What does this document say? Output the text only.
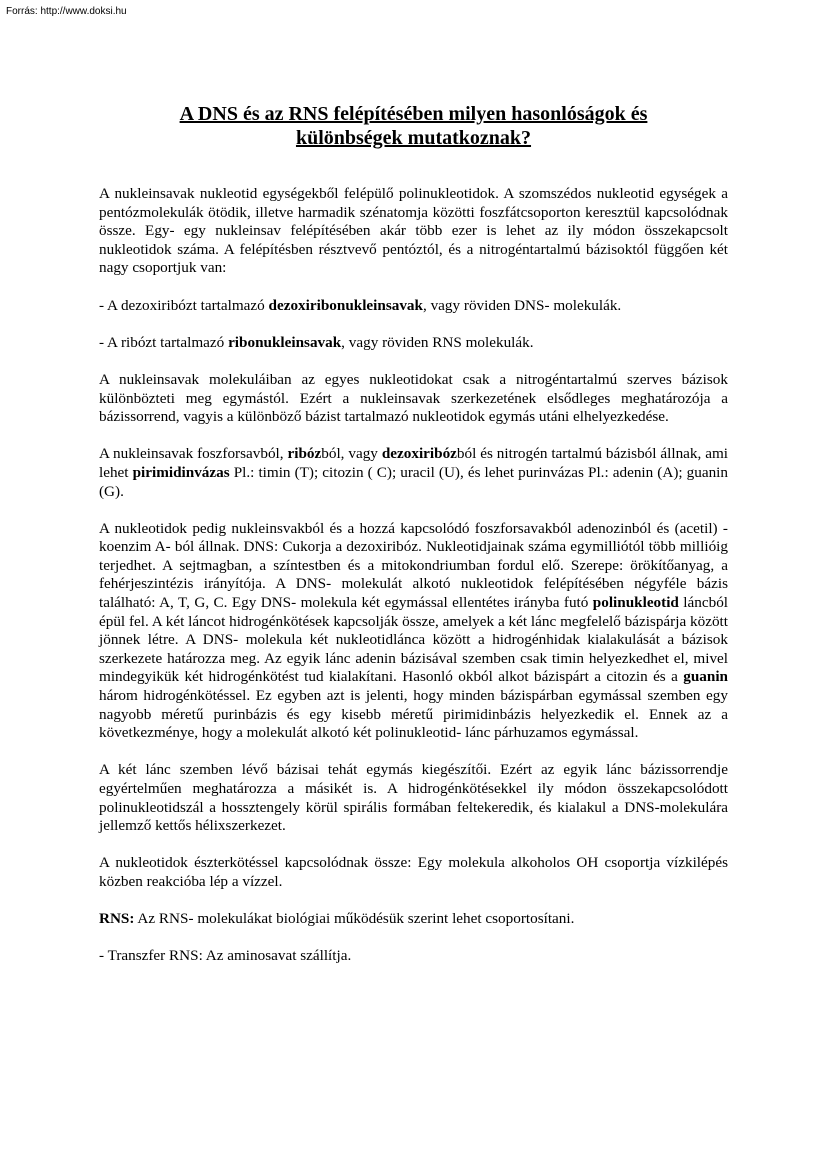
Forrás: http://www.doksi.hu
A DNS és az RNS felépítésében milyen hasonlóságok és
különbségek mutatkoznak?

A nukleinsavak nukleotid egységekből felépülő polinukleotidok. A szomszédos nukleotid egységek a pentózmolekulák ötödik, illetve harmadik szénatomja közötti foszfátcsoporton keresztül kapcsolódnak össze. Egy- egy nukleinsav felépítésében akár több ezer is lehet az ily módon összekapcsolt nukleotidok száma. A felépítésben résztvevő pentóztól, és a nitrogéntartalmú bázisoktól függően két nagy csoportjuk van:

- A dezoxiribózt tartalmazó dezoxiribonukleinsavak, vagy röviden DNS- molekulák.

- A ribózt tartalmazó ribonukleinsavak, vagy röviden RNS molekulák.

A nukleinsavak molekuláiban az egyes nukleotidokat csak a nitrogéntartalmú szerves bázisok különbözteti meg egymástól. Ezért a nukleinsavak szerkezetének elsődleges meghatározója a bázissorrend, vagyis a különböző bázist tartalmazó nukleotidok egymás utáni elhelyezkedése.

A nukleinsavak foszforsavból, ribózból, vagy dezoxiribózból és nitrogén tartalmú bázisból állnak, ami lehet pirimidinvázas Pl.: timin (T); citozin ( C); uracil (U), és lehet purinvázas Pl.: adenin (A); guanin (G).

A nukleotidok pedig nukleinsvakból és a hozzá kapcsolódó foszforsavakból adenozinból és (acetil) -koenzim A- ból állnak. DNS: Cukorja a dezoxiribóz. Nukleotidjainak száma egymilliótól több millióig terjedhet. A sejtmagban, a színtestben és a mitokondriumban fordul elő. Szerepe: örökítőanyag, a fehérjeszintézis irányítója. A DNS- molekulát alkotó nukleotidok felépítésében négyféle bázis található: A, T, G, C. Egy DNS- molekula két egymással ellentétes irányba futó polinukleotid láncból épül fel. A két láncot hidrogénkötések kapcsolják össze, amelyek a két lánc megfelelő bázispárja között jönnek létre. A DNS- molekula két nukleotidlánca között a hidrogénhidak kialakulását a bázisok szerkezete határozza meg. Az egyik lánc adenin bázisával szemben csak timin helyezkedhet el, mivel mindegyikük két hidrogénkötést tud kialakítani. Hasonló okból alkot bázispárt a citozin és a guanin három hidrogénkötéssel. Ez egyben azt is jelenti, hogy minden bázispárban egymással szemben egy nagyobb méretű purinbázis és egy kisebb méretű pirimidinbázis helyezkedik el. Ennek az a következménye, hogy a molekulát alkotó két polinukleotid- lánc párhuzamos egymással.

A két lánc szemben lévő bázisai tehát egymás kiegészítői. Ezért az egyik lánc bázissorrendje egyértelműen meghatározza a másikét is. A hidrogénkötésekkel ily módon összekapcsolódott polinukleotidszál a hossztengely körül spirális formában feltekeredik, és kialakul a DNS-molekulára jellemző kettős hélixszerkezet.

A nukleotidok észterkötéssel kapcsolódnak össze: Egy molekula alkoholos OH csoportja vízkilépés közben reakcióba lép a vízzel.

RNS: Az RNS- molekulákat biológiai működésük szerint lehet csoportosítani.

- Transzfer RNS: Az aminosavat szállítja.
